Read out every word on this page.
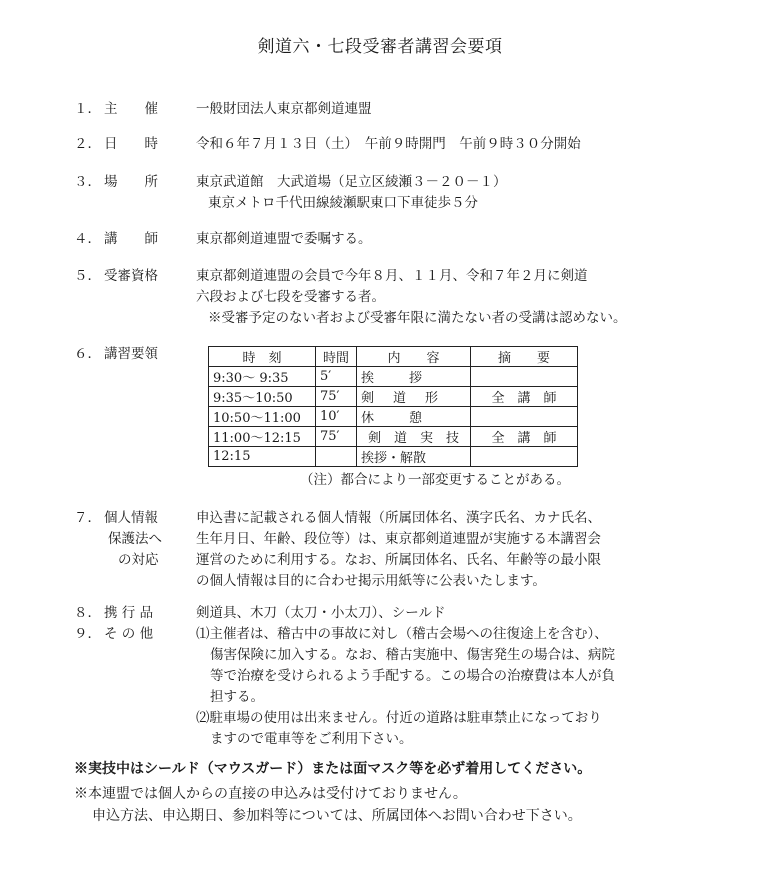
剣道六・七段受審者講習会要項
１． 主　　催	一般財団法人東京都剣道連盟
２． 日　　時	令和６年７月１３日（土）　午前９時開門　午前９時３０分開始
３． 場　　所	東京武道館　大武道場（足立区綾瀬３－２０－１）
東京メトロ千代田線綾瀬駅東口下車徒歩５分
４． 講　　師	東京都剣道連盟で委嘱する。
５． 受審資格	東京都剣道連盟の会員で今年８月、１１月、令和７年２月に剣道
六段および七段を受審する者。
※受審予定のない者および受審年限に満たない者の受講は認めない。
６． 講習要領	時　刻	時間	内　　容	摘　　要
9:30～ 9:35	5′	挨　　拶	
9:35～10:50	75′	剣　道　形	全　講　師
10:50～11:00	10′	休　　憩	
11:00～12:15	75′	剣　道　実　技	全　講　師
12:15		挨拶・解散	
（注）都合により一部変更することがある。
７． 個人情報
保護法へ
の対応
申込書に記載される個人情報（所属団体名、漢字氏名、カナ氏名、
生年月日、年齢、段位等）は、東京都剣道連盟が実施する本講習会
運営のために利用する。なお、所属団体名、氏名、年齢等の最小限
の個人情報は目的に合わせ掲示用紙等に公表いたします。
８． 携 行 品	剣道具、木刀（太刀・小太刀）、シールド
９． そ の 他	⑴主催者は、稽古中の事故に対し（稽古会場への往復途上を含む）、
傷害保険に加入する。なお、稽古実施中、傷害発生の場合は、病院
等で治療を受けられるよう手配する。この場合の治療費は本人が負
担する。
⑵駐車場の使用は出来ません。付近の道路は駐車禁止になっており
ますので電車等をご利用下さい。
※実技中はシールド（マウスガード）または面マスク等を必ず着用してください。
※本連盟では個人からの直接の申込みは受付けておりません。
申込方法、申込期日、参加料等については、所属団体へお問い合わせ下さい。
